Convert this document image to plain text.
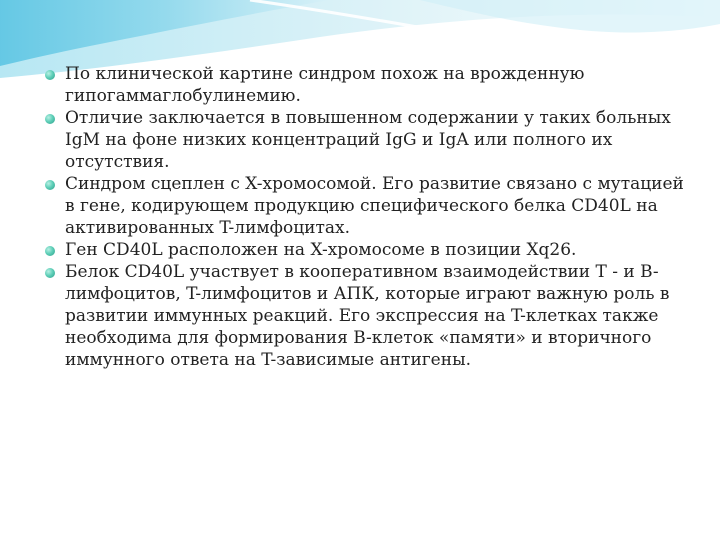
По клинической картине синдром похож на врожденную гипогаммаглобулинемию.
Отличие заключается в повышенном содержании у таких больных IgM на фоне низких концентраций IgG и IgA или полного их отсутствия.
Синдром сцеплен с X-хромосомой. Его развитие связано с мутацией в гене, кодирующем продукцию специфического белка CD40L на активированных T-лимфоцитах.
Ген CD40L расположен на X-хромосоме в позиции Xq26.
Белок CD40L участвует в кооперативном взаимодействии T - и B-лимфоцитов, T-лимфоцитов и АПК, которые играют важную роль в развитии иммунных реакций. Его экспрессия на T-клетках также необходима для формирования B-клеток «памяти» и вторичного иммунного ответа на T-зависимые антигены.
